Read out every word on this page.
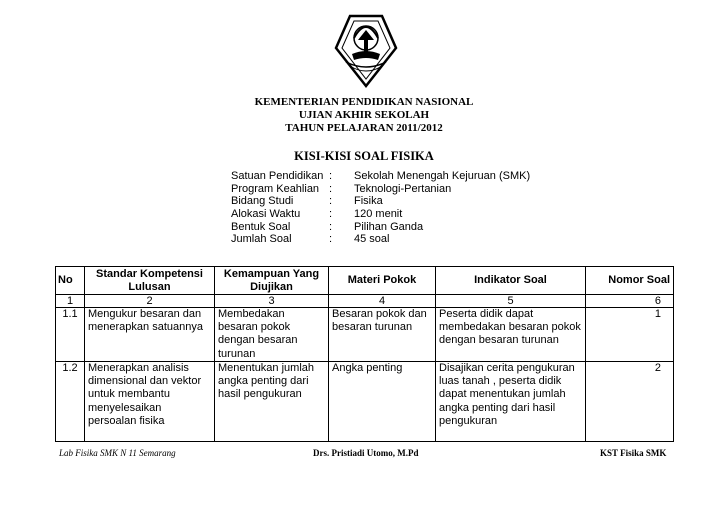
KEMENTERIAN PENDIDIKAN NASIONAL
UJIAN AKHIR SEKOLAH
TAHUN PELAJARAN 2011/2012
KISI-KISI SOAL FISIKA
Satuan Pendidikan : Sekolah Menengah Kejuruan (SMK)
Program Keahlian : Teknologi-Pertanian
Bidang Studi	: Fisika
Alokasi Waktu	: 120 menit
Bentuk Soal	: Pilihan Ganda
Jumlah Soal	: 45 soal
No	Standar Kompetensi Lulusan	Kemampuan Yang Diujikan	Materi Pokok	Indikator Soal	Nomor Soal
1	2	3	4	5	6
1.1	Mengukur besaran dan menerapkan satuannya	Membedakan besaran pokok dengan besaran turunan	Besaran pokok dan besaran turunan	Peserta didik dapat membedakan besaran pokok dengan besaran turunan	1
1.2	Menerapkan analisis dimensional dan vektor untuk membantu menyelesaikan persoalan fisika	Menentukan jumlah angka penting dari hasil pengukuran	Angka penting	Disajikan cerita pengukuran luas tanah , peserta didik dapat menentukan jumlah angka penting dari hasil pengukuran	2
Lab Fisika SMK N 11 Semarang	Drs. Pristiadi Utomo, M.Pd	KST Fisika SMK
